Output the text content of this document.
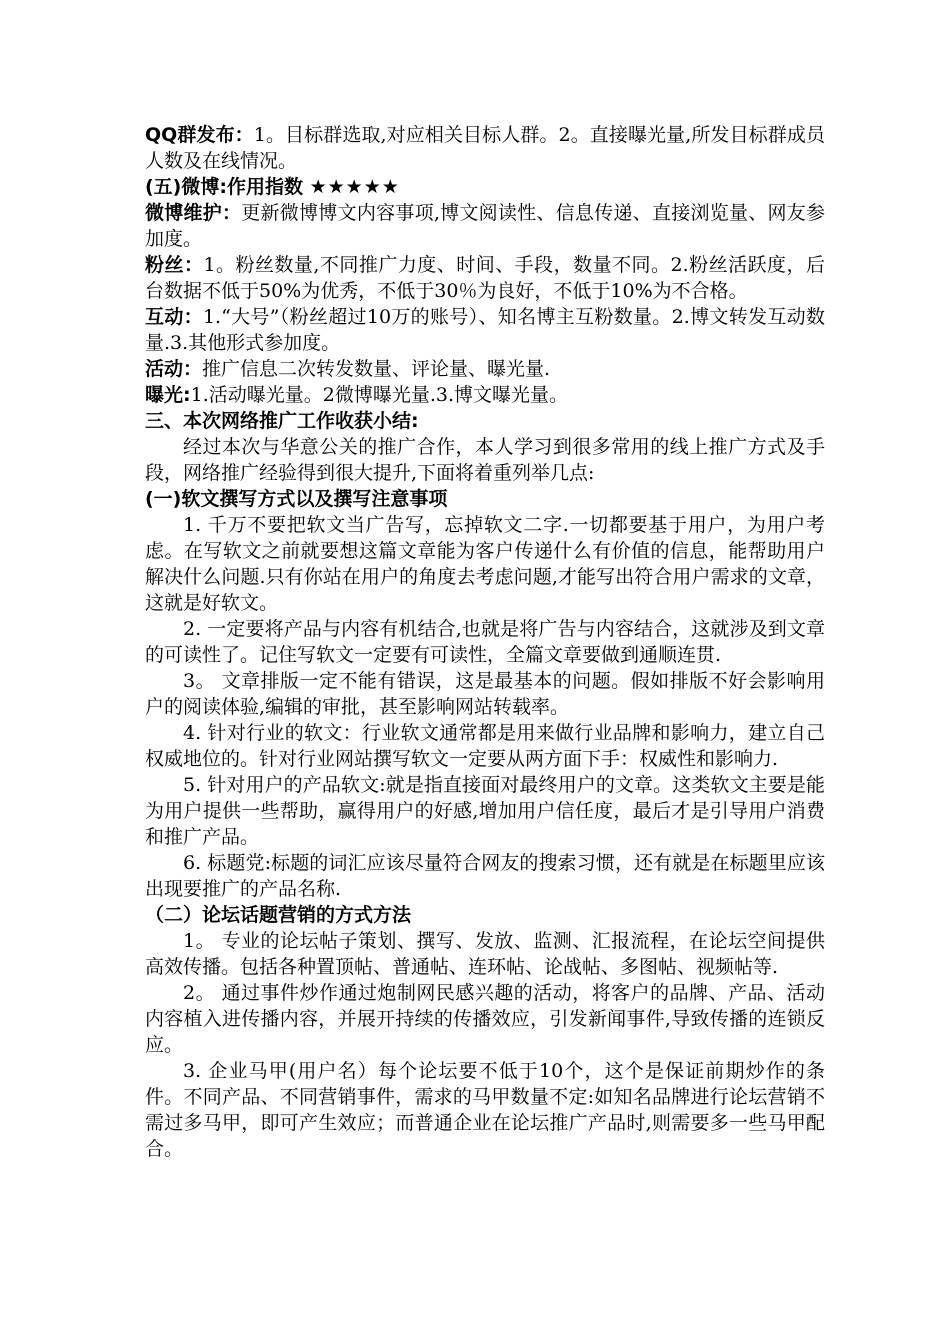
QQ群发布：1。目标群选取,对应相关目标人群。2。直接曝光量,所发目标群成员人数及在线情况。

(五)微博:作用指数 ★★★★★

微博维护：更新微博博文内容事项,博文阅读性、信息传递、直接浏览量、网友参加度。

粉丝：1。粉丝数量,不同推广力度、时间、手段，数量不同。2.粉丝活跃度，后台数据不低于50%为优秀，不低于30％为良好，不低于10%为不合格。

互动：1.“大号”（粉丝超过10万的账号）、知名博主互粉数量。2.博文转发互动数量.3.其他形式参加度。

活动：推广信息二次转发数量、评论量、曝光量.

曝光:1.活动曝光量。2微博曝光量.3.博文曝光量。

三、本次网络推广工作收获小结:

经过本次与华意公关的推广合作，本人学习到很多常用的线上推广方式及手段，网络推广经验得到很大提升,下面将着重列举几点:

(一)软文撰写方式以及撰写注意事项

1. 千万不要把软文当广告写，忘掉软文二字.一切都要基于用户，为用户考虑。在写软文之前就要想这篇文章能为客户传递什么有价值的信息，能帮助用户解决什么问题.只有你站在用户的角度去考虑问题,才能写出符合用户需求的文章，这就是好软文。

2. 一定要将产品与内容有机结合,也就是将广告与内容结合，这就涉及到文章的可读性了。记住写软文一定要有可读性，全篇文章要做到通顺连贯.

3。 文章排版一定不能有错误，这是最基本的问题。假如排版不好会影响用户的阅读体验,编辑的审批，甚至影响网站转载率。

4. 针对行业的软文：行业软文通常都是用来做行业品牌和影响力，建立自己权威地位的。针对行业网站撰写软文一定要从两方面下手：权威性和影响力.

5. 针对用户的产品软文:就是指直接面对最终用户的文章。这类软文主要是能为用户提供一些帮助，赢得用户的好感,增加用户信任度，最后才是引导用户消费和推广产品。

6. 标题党:标题的词汇应该尽量符合网友的搜索习惯，还有就是在标题里应该出现要推广的产品名称.

（二）论坛话题营销的方式方法

1。 专业的论坛帖子策划、撰写、发放、监测、汇报流程，在论坛空间提供高效传播。包括各种置顶帖、普通帖、连环帖、论战帖、多图帖、视频帖等.

2。 通过事件炒作通过炮制网民感兴趣的活动，将客户的品牌、产品、活动内容植入进传播内容，并展开持续的传播效应，引发新闻事件,导致传播的连锁反应。

3. 企业马甲(用户名）每个论坛要不低于10个，这个是保证前期炒作的条件。不同产品、不同营销事件，需求的马甲数量不定:如知名品牌进行论坛营销不需过多马甲，即可产生效应；而普通企业在论坛推广产品时,则需要多一些马甲配合。
